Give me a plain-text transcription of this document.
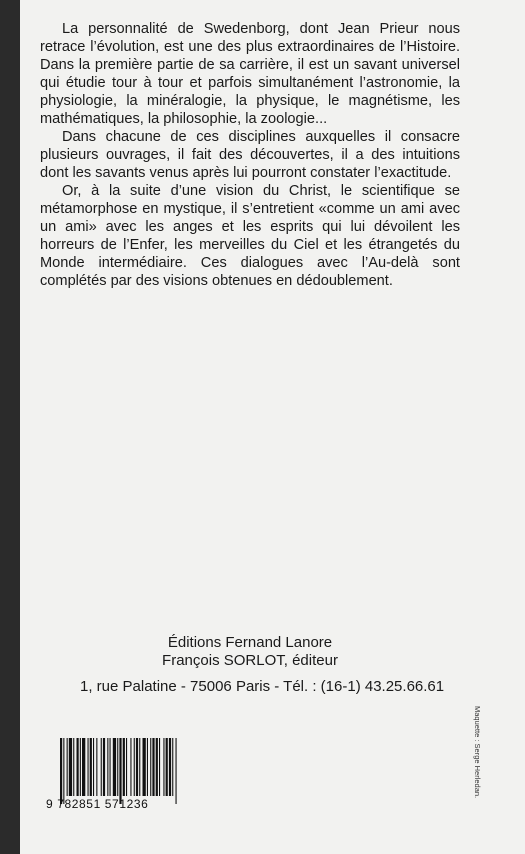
La personnalité de Swedenborg, dont Jean Prieur nous retrace l’évolution, est une des plus extraordinaires de l’Histoire. Dans la première partie de sa carrière, il est un savant universel qui étudie tour à tour et parfois simultanément l’astronomie, la physiologie, la minéralogie, la physique, le magnétisme, les mathématiques, la philosophie, la zoologie...

Dans chacune de ces disciplines auxquelles il consacre plusieurs ouvrages, il fait des découvertes, il a des intuitions dont les savants venus après lui pourront constater l’exactitude.

Or, à la suite d’une vision du Christ, le scientifique se métamorphose en mystique, il s’entretient «comme un ami avec un ami» avec les anges et les esprits qui lui dévoilent les horreurs de l’Enfer, les merveilles du Ciel et les étrangetés du Monde intermédiaire. Ces dialogues avec l’Au-delà sont complétés par des visions obtenues en dédoublement.

Éditions Fernand Lanore
François SORLOT, éditeur
1, rue Palatine - 75006 Paris - Tél. : (16-1) 43.25.66.61
9 782851 571236
Maquette : Serge Herledan.
